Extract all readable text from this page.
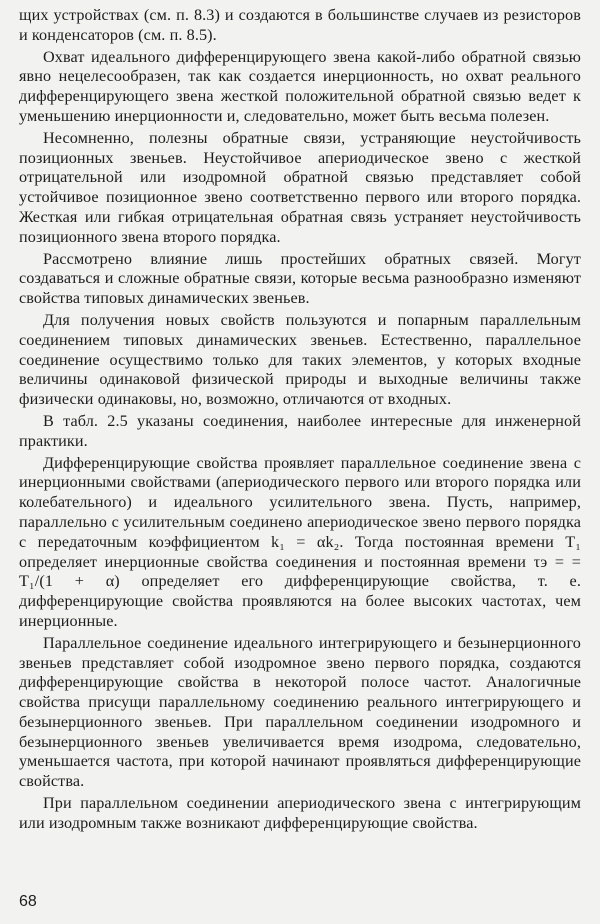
щих устройствах (см. п. 8.3) и создаются в большинстве случаев из резисторов и конденсаторов (см. п. 8.5).

Охват идеального дифференцирующего звена какой-либо обратной связью явно нецелесообразен, так как создается инерционность, но охват реального дифференцирующего звена жесткой положительной обратной связью ведет к уменьшению инерционности и, следовательно, может быть весьма полезен.

Несомненно, полезны обратные связи, устраняющие неустойчивость позиционных звеньев. Неустойчивое апериодическое звено с жесткой отрицательной или изодромной обратной связью представляет собой устойчивое позиционное звено соответственно первого или второго порядка. Жесткая или гибкая отрицательная обратная связь устраняет неустойчивость позиционного звена второго порядка.

Рассмотрено влияние лишь простейших обратных связей. Могут создаваться и сложные обратные связи, которые весьма разнообразно изменяют свойства типовых динамических звеньев.

Для получения новых свойств пользуются и попарным параллельным соединением типовых динамических звеньев. Естественно, параллельное соединение осуществимо только для таких элементов, у которых входные величины одинаковой физической природы и выходные величины также физически одинаковы, но, возможно, отличаются от входных.

В табл. 2.5 указаны соединения, наиболее интересные для инженерной практики.

Дифференцирующие свойства проявляет параллельное соединение звена с инерционными свойствами (апериодического первого или второго порядка или колебательного) и идеального усилительного звена. Пусть, например, параллельно с усилительным соединено апериодическое звено первого порядка с передаточным коэффициентом k₁ = αk₂. Тогда постоянная времени T₁ определяет инерционные свойства соединения и постоянная времени τэ = = T₁/(1 + α) определяет его дифференцирующие свойства, т. е. дифференцирующие свойства проявляются на более высоких частотах, чем инерционные.

Параллельное соединение идеального интегрирующего и безынерционного звеньев представляет собой изодромное звено первого порядка, создаются дифференцирующие свойства в некоторой полосе частот. Аналогичные свойства присущи параллельному соединению реального интегрирующего и безынерционного звеньев. При параллельном соединении изодромного и безынерционного звеньев увеличивается время изодрома, следовательно, уменьшается частота, при которой начинают проявляться дифференцирующие свойства.

При параллельном соединении апериодического звена с интегрирующим или изодромным также возникают дифференцирующие свойства.

68
